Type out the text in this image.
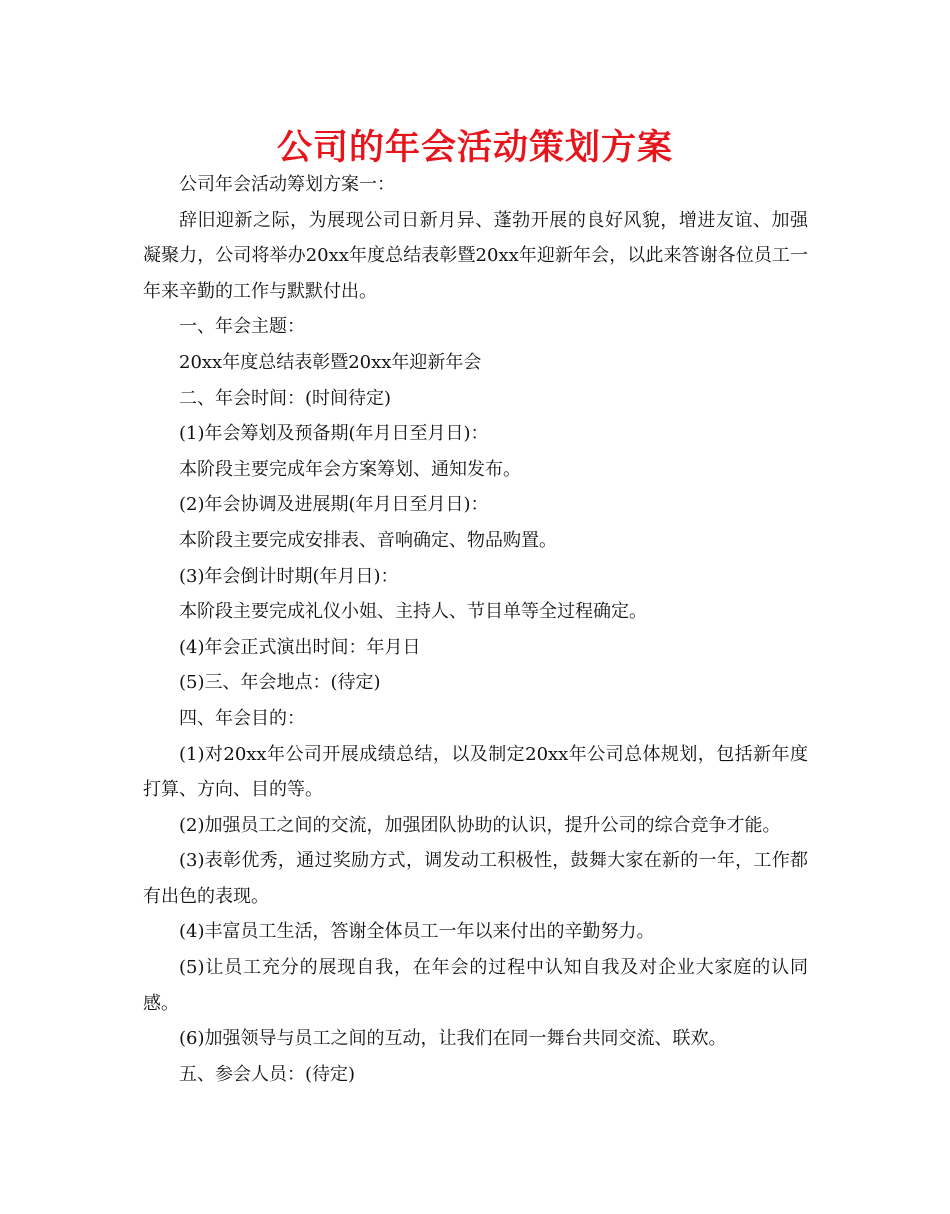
公司的年会活动策划方案

公司年会活动筹划方案一：

辞旧迎新之际，为展现公司日新月异、蓬勃开展的良好风貌，增进友谊、加强凝聚力，公司将举办20xx年度总结表彰暨20xx年迎新年会，以此来答谢各位员工一年来辛勤的工作与默默付出。

一、年会主题：

20xx年度总结表彰暨20xx年迎新年会

二、年会时间：(时间待定)

(1)年会筹划及预备期(年月日至月日)：

本阶段主要完成年会方案筹划、通知发布。

(2)年会协调及进展期(年月日至月日)：

本阶段主要完成安排表、音响确定、物品购置。

(3)年会倒计时期(年月日)：

本阶段主要完成礼仪小姐、主持人、节目单等全过程确定。

(4)年会正式演出时间：年月日

(5)三、年会地点：(待定)

四、年会目的：

(1)对20xx年公司开展成绩总结，以及制定20xx年公司总体规划，包括新年度打算、方向、目的等。

(2)加强员工之间的交流，加强团队协助的认识，提升公司的综合竞争才能。

(3)表彰优秀，通过奖励方式，调发动工积极性，鼓舞大家在新的一年，工作都有出色的表现。

(4)丰富员工生活，答谢全体员工一年以来付出的辛勤努力。

(5)让员工充分的展现自我，在年会的过程中认知自我及对企业大家庭的认同感。

(6)加强领导与员工之间的互动，让我们在同一舞台共同交流、联欢。

五、参会人员：(待定)
